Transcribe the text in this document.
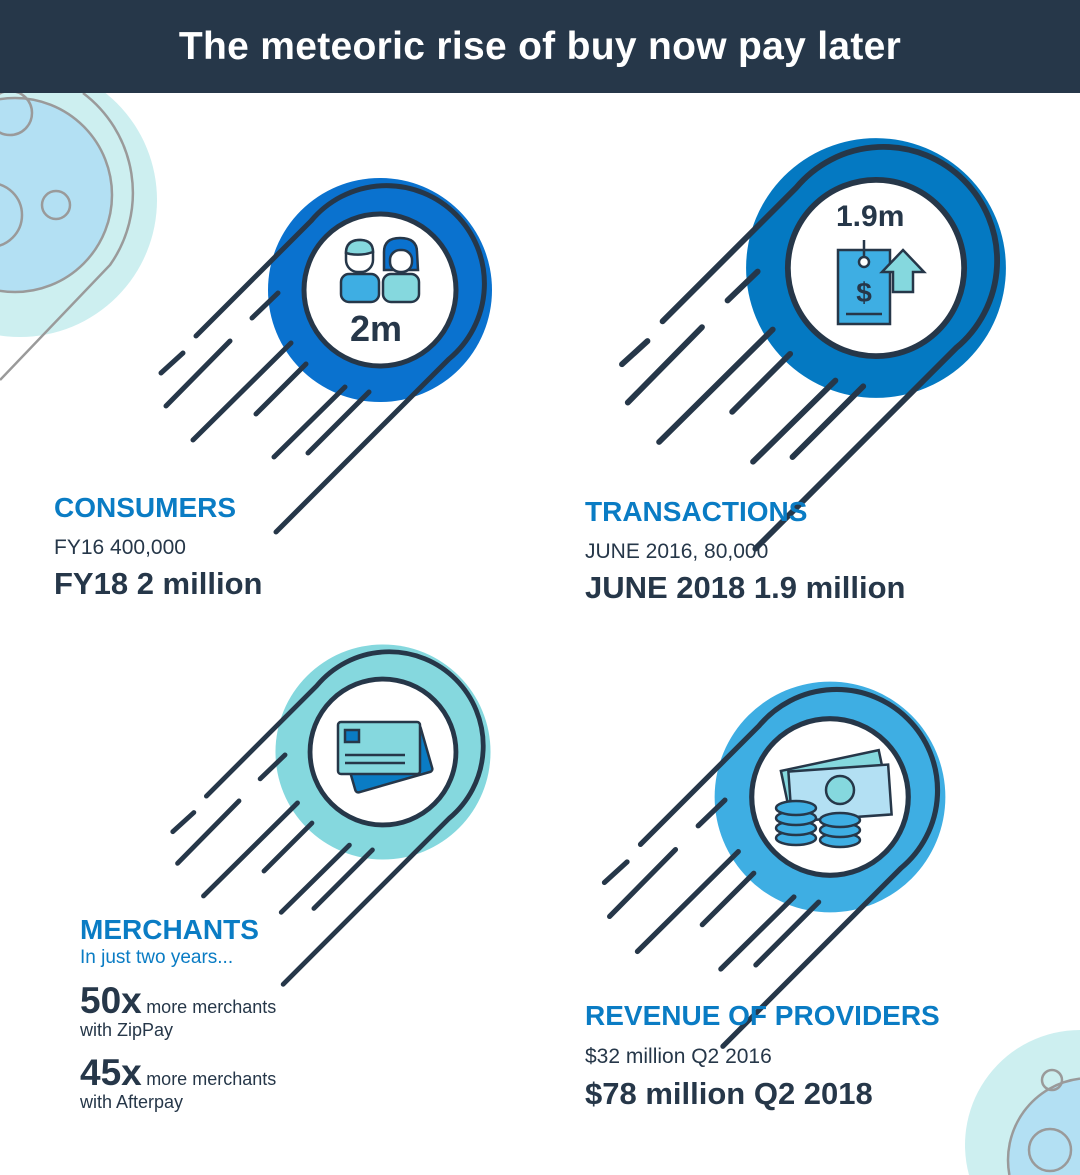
The meteoric rise of buy now pay later
$
2m
1.9m
CONSUMERS
FY16 400,000
FY18 2 million
TRANSACTIONS
JUNE 2016, 80,000
JUNE 2018 1.9 million
MERCHANTS
In just two years...
50x more merchants
with ZipPay
45x more merchants
with Afterpay
REVENUE OF PROVIDERS
$32 million Q2 2016
$78 million Q2 2018
